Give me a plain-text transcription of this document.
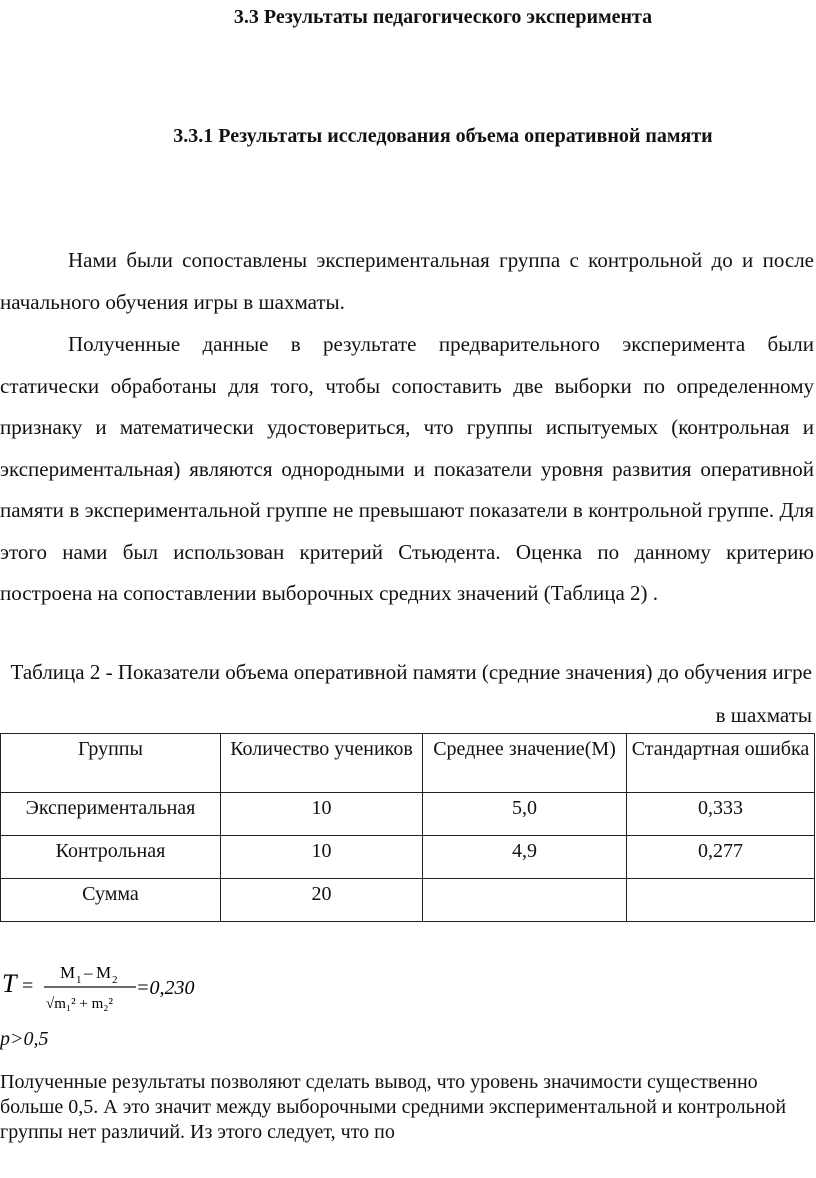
3.3 Результаты педагогического эксперимента
3.3.1 Результаты исследования объема оперативной памяти

Нами были сопоставлены экспериментальная группа с контрольной до и после начального обучения игры в шахматы.

Полученные данные в результате предварительного эксперимента были статически обработаны для того, чтобы сопоставить две выборки по определенному признаку и математически удостовериться, что группы испытуемых (контрольная и экспериментальная) являются однородными и показатели уровня развития оперативной памяти в экспериментальной группе не превышают показатели в контрольной группе. Для этого нами был использован критерий Стьюдента. Оценка по данному критерию построена на сопоставлении выборочных средних значений (Таблица 2) .

Таблица 2 - Показатели объема оперативной памяти (средние значения) до обучения игре в шахматы

Группы	Количество учеников	Среднее значение(М)	Стандартная ошибка
Экспериментальная	10	5,0	0,333
Контрольная	10	4,9	0,277
Сумма	20		
T =
M 1 – M 2
√m₁² + m₂²
=0,230
p>0,5

Полученные результаты позволяют сделать вывод, что уровень значимости существенно больше 0,5. А это значит между выборочными средними экспериментальной и контрольной группы нет различий. Из этого следует, что по
